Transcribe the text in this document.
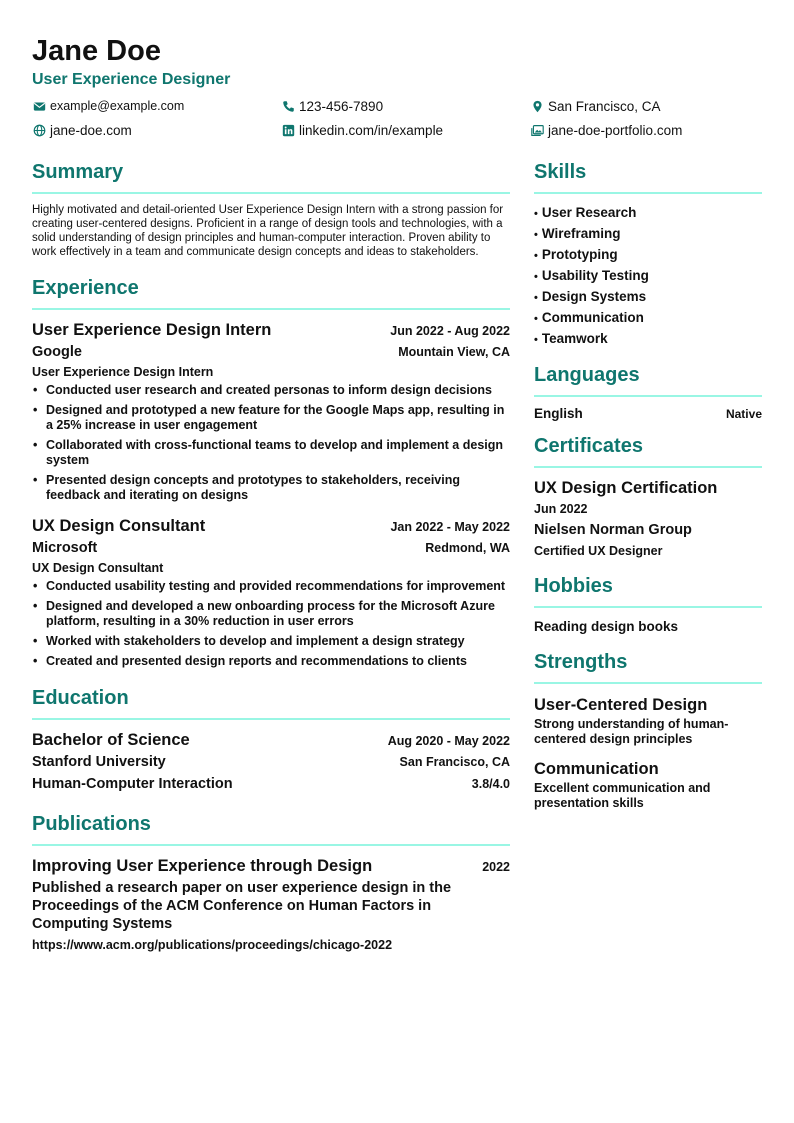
Jane Doe
User Experience Designer
example@example.com	123-456-7890	San Francisco, CA
jane-doe.com	linkedin.com/in/example	jane-doe-portfolio.com
Summary

Highly motivated and detail-oriented User Experience Design Intern with a strong passion for creating user-centered designs. Proficient in a range of design tools and technologies, with a solid understanding of design principles and human-computer interaction. Proven ability to work effectively in a team and communicate design concepts and ideas to stakeholders.

Experience
User Experience Design Intern	Jun 2022 - Aug 2022
Google	Mountain View, CA
User Experience Design Intern
• Conducted user research and created personas to inform design decisions
• Designed and prototyped a new feature for the Google Maps app, resulting in a 25% increase in user engagement
• Collaborated with cross-functional teams to develop and implement a design system
• Presented design concepts and prototypes to stakeholders, receiving feedback and iterating on designs
UX Design Consultant	Jan 2022 - May 2022
Microsoft	Redmond, WA
UX Design Consultant
• Conducted usability testing and provided recommendations for improvement
• Designed and developed a new onboarding process for the Microsoft Azure platform, resulting in a 30% reduction in user errors
• Worked with stakeholders to develop and implement a design strategy
• Created and presented design reports and recommendations to clients
Education
Bachelor of Science	Aug 2020 - May 2022
Stanford University	San Francisco, CA
Human-Computer Interaction	3.8/4.0
Publications
Improving User Experience through Design	2022
Published a research paper on user experience design in the Proceedings of the ACM Conference on Human Factors in Computing Systems
https://www.acm.org/publications/proceedings/chicago-2022
Skills
• User Research
• Wireframing
• Prototyping
• Usability Testing
• Design Systems
• Communication
• Teamwork
Languages
English	Native
Certificates
UX Design Certification
Jun 2022
Nielsen Norman Group
Certified UX Designer
Hobbies
Reading design books
Strengths
User-Centered Design
Strong understanding of human-centered design principles
Communication
Excellent communication and presentation skills
